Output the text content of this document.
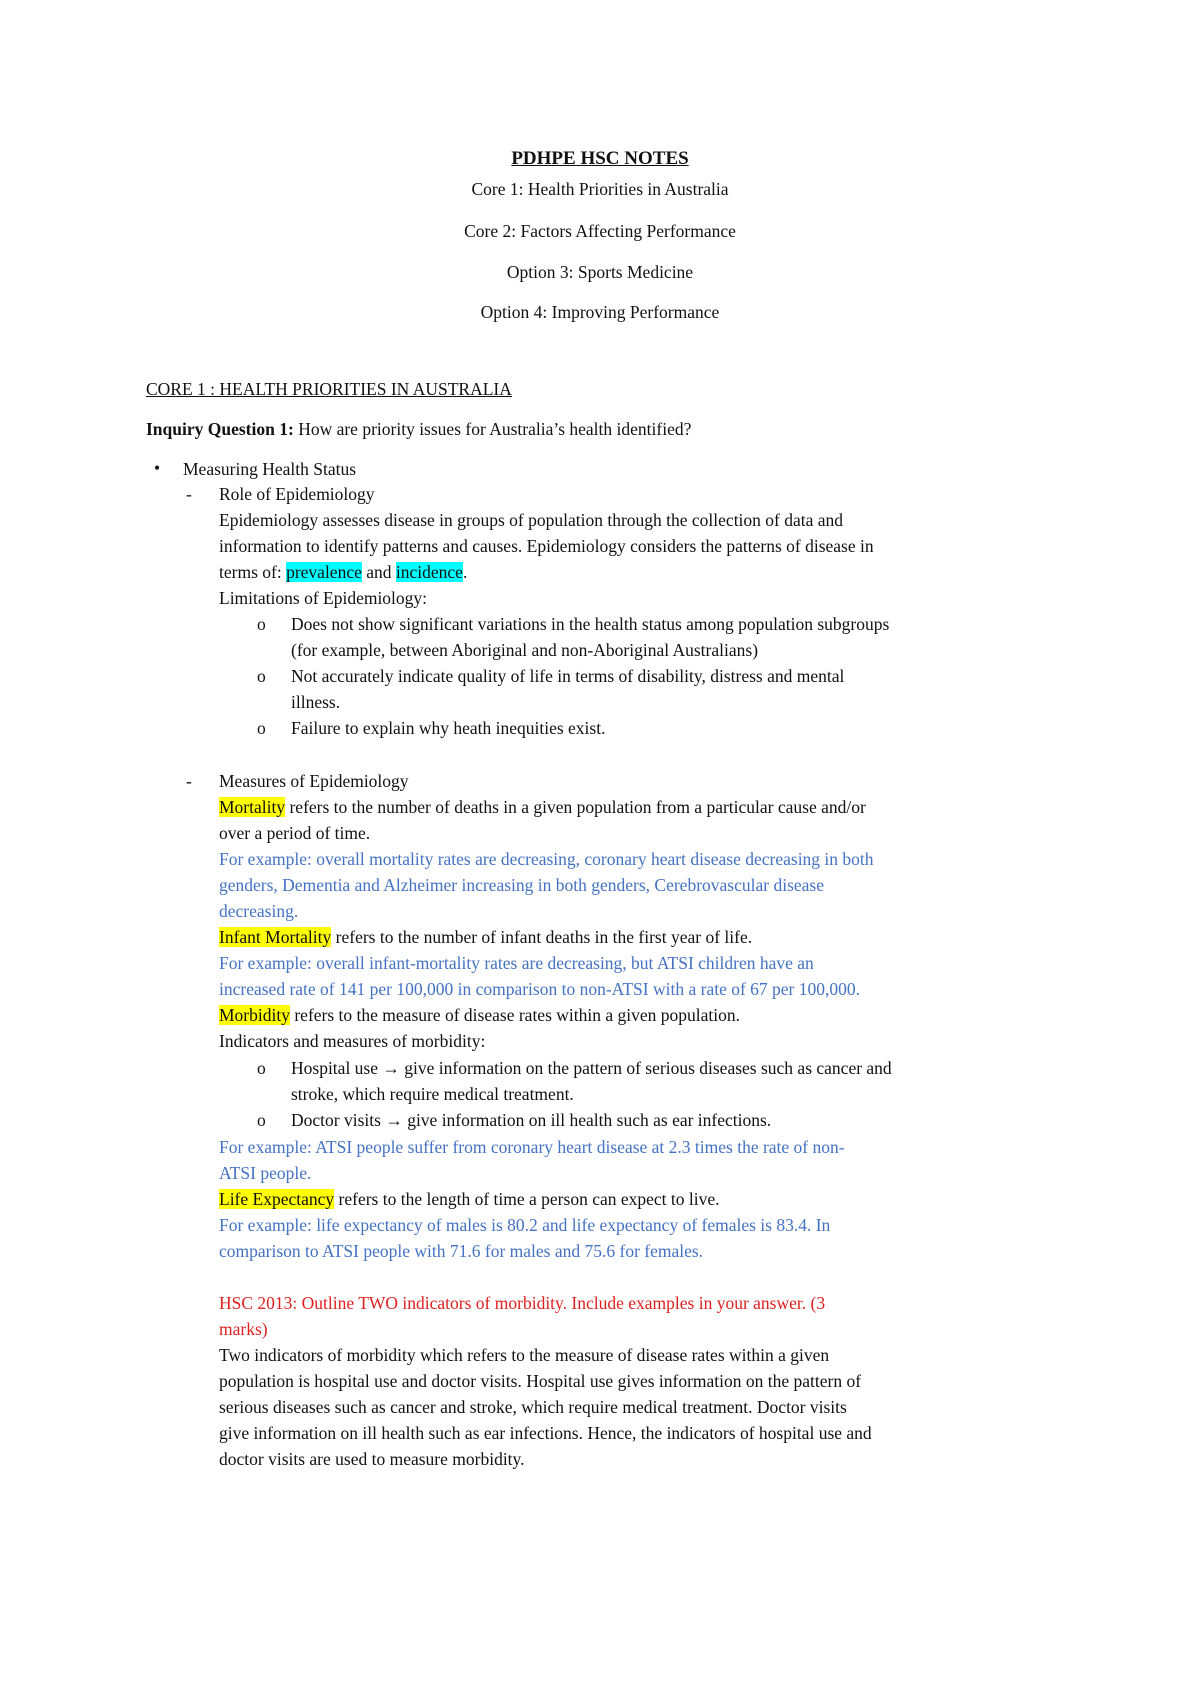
PDHPE HSC NOTES
Core 1: Health Priorities in Australia
Core 2: Factors Affecting Performance
Option 3: Sports Medicine
Option 4: Improving Performance
CORE 1 : HEALTH PRIORITIES IN AUSTRALIA
Inquiry Question 1: How are priority issues for Australia’s health identified?
• Measuring Health Status
- Role of Epidemiology
Epidemiology assesses disease in groups of population through the collection of data and
information to identify patterns and causes. Epidemiology considers the patterns of disease in
terms of: prevalence and incidence.
Limitations of Epidemiology:
o Does not show significant variations in the health status among population subgroups
(for example, between Aboriginal and non-Aboriginal Australians)
o Not accurately indicate quality of life in terms of disability, distress and mental
illness.
o Failure to explain why heath inequities exist.
- Measures of Epidemiology
Mortality refers to the number of deaths in a given population from a particular cause and/or
over a period of time.
For example: overall mortality rates are decreasing, coronary heart disease decreasing in both
genders, Dementia and Alzheimer increasing in both genders, Cerebrovascular disease
decreasing.
Infant Mortality refers to the number of infant deaths in the first year of life.
For example: overall infant-mortality rates are decreasing, but ATSI children have an
increased rate of 141 per 100,000 in comparison to non-ATSI with a rate of 67 per 100,000.
Morbidity refers to the measure of disease rates within a given population.
Indicators and measures of morbidity:
o Hospital use → give information on the pattern of serious diseases such as cancer and
stroke, which require medical treatment.
o Doctor visits → give information on ill health such as ear infections.
For example: ATSI people suffer from coronary heart disease at 2.3 times the rate of non-
ATSI people.
Life Expectancy refers to the length of time a person can expect to live.
For example: life expectancy of males is 80.2 and life expectancy of females is 83.4. In
comparison to ATSI people with 71.6 for males and 75.6 for females.
HSC 2013: Outline TWO indicators of morbidity. Include examples in your answer. (3
marks)
Two indicators of morbidity which refers to the measure of disease rates within a given
population is hospital use and doctor visits. Hospital use gives information on the pattern of
serious diseases such as cancer and stroke, which require medical treatment. Doctor visits
give information on ill health such as ear infections. Hence, the indicators of hospital use and
doctor visits are used to measure morbidity.
